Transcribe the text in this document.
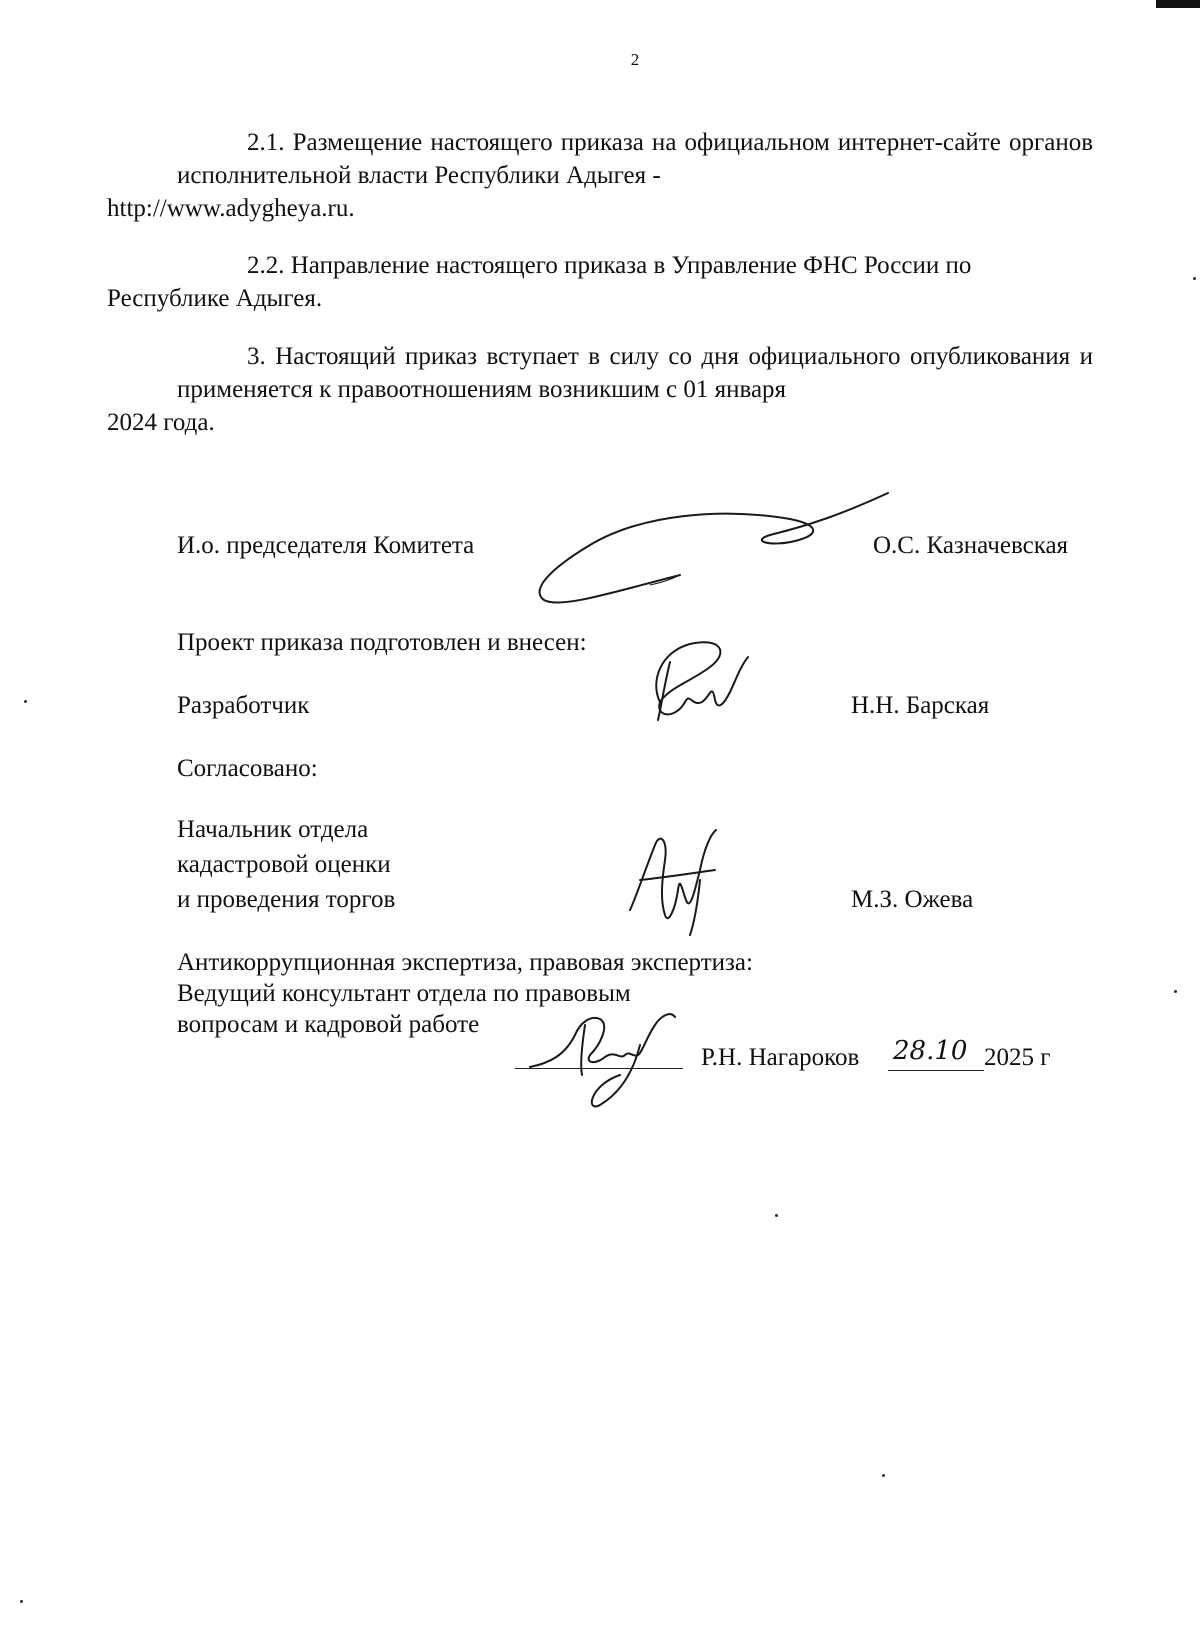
2
2.1. Размещение настоящего приказа на официальном интернет-сайте органов исполнительной власти Республики Адыгея -
http://www.adygheya.ru.
2.2. Направление настоящего приказа в Управление ФНС России по
Республике Адыгея.
3. Настоящий приказ вступает в силу со дня официального опубликования и применяется к правоотношениям возникшим с 01 января
2024 года.
И.о. председателя Комитета	О.С. Казначевская
Проект приказа подготовлен и внесен:
Разработчик	Н.Н. Барская
Согласовано:
Начальник отдела
кадастровой оценки
и проведения торгов	М.З. Ожева
Антикоррупционная экспертиза, правовая экспертиза:
Ведущий консультант отдела по правовым
вопросам и кадровой работе
Р.Н. Нагароков 28.10 2025 г
